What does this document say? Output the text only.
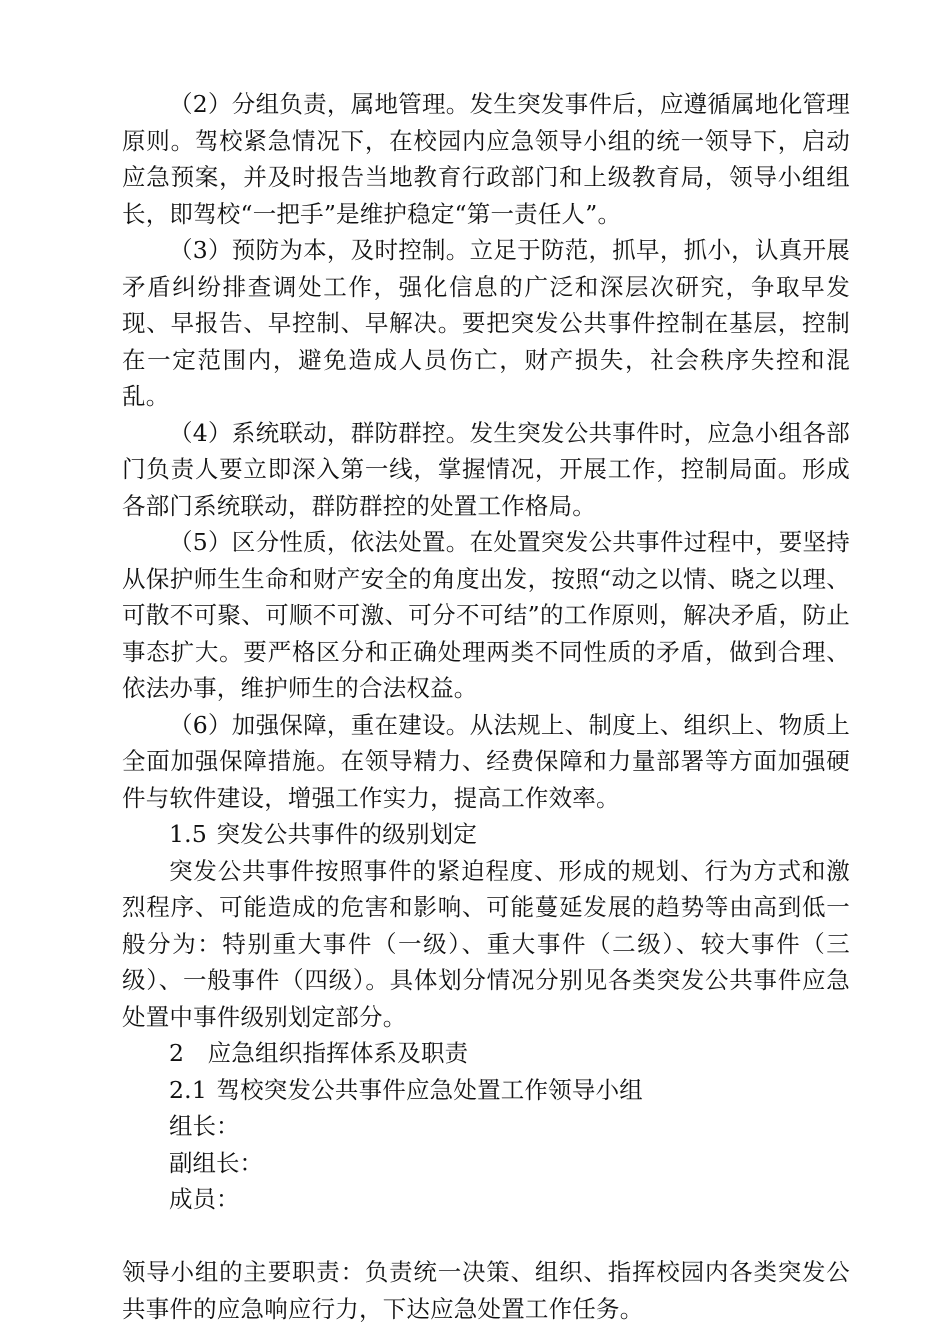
（2）分组负责，属地管理。发生突发事件后，应遵循属地化管理原则。驾校紧急情况下，在校园内应急领导小组的统一领导下，启动应急预案，并及时报告当地教育行政部门和上级教育局，领导小组组长，即驾校“一把手”是维护稳定“第一责任人”。

（3）预防为本，及时控制。立足于防范，抓早，抓小，认真开展矛盾纠纷排查调处工作，强化信息的广泛和深层次研究，争取早发现、早报告、早控制、早解决。要把突发公共事件控制在基层，控制在一定范围内，避免造成人员伤亡，财产损失，社会秩序失控和混乱。

（4）系统联动，群防群控。发生突发公共事件时，应急小组各部门负责人要立即深入第一线，掌握情况，开展工作，控制局面。形成各部门系统联动，群防群控的处置工作格局。

（5）区分性质，依法处置。在处置突发公共事件过程中，要坚持从保护师生生命和财产安全的角度出发，按照“动之以情、晓之以理、可散不可聚、可顺不可激、可分不可结”的工作原则，解决矛盾，防止事态扩大。要严格区分和正确处理两类不同性质的矛盾，做到合理、依法办事，维护师生的合法权益。

（6）加强保障，重在建设。从法规上、制度上、组织上、物质上全面加强保障措施。在领导精力、经费保障和力量部署等方面加强硬件与软件建设，增强工作实力，提高工作效率。

1.5 突发公共事件的级别划定

突发公共事件按照事件的紧迫程度、形成的规划、行为方式和激烈程序、可能造成的危害和影响、可能蔓延发展的趋势等由高到低一般分为：特别重大事件（一级）、重大事件（二级）、较大事件（三级）、一般事件（四级）。具体划分情况分别见各类突发公共事件应急处置中事件级别划定部分。

2 应急组织指挥体系及职责

2.1 驾校突发公共事件应急处置工作领导小组

组长：

副组长：

成员：

领导小组的主要职责：负责统一决策、组织、指挥校园内各类突发公共事件的应急响应行力，下达应急处置工作任务。
